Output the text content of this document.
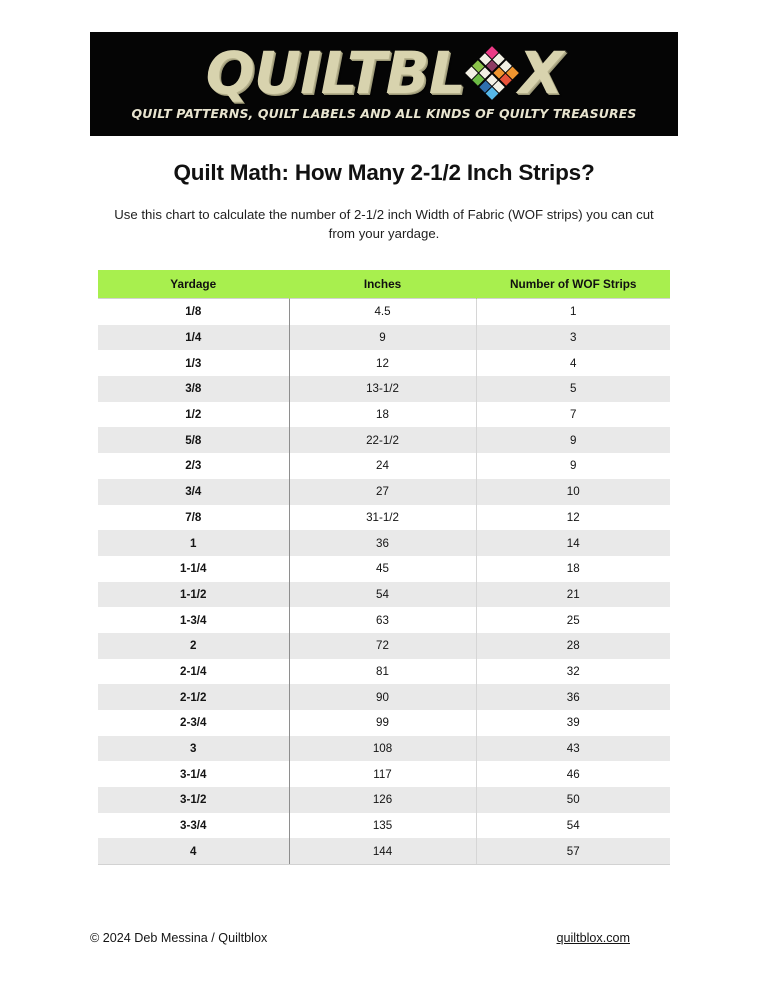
QUILTBL X
QUILT PATTERNS, QUILT LABELS AND ALL KINDS OF QUILTY TREASURES
Quilt Math: How Many 2-1/2 Inch Strips?
Use this chart to calculate the number of 2-1/2 inch Width of Fabric (WOF strips) you can cut from your yardage.
Yardage	Inches	Number of WOF Strips
1/8	4.5	1
1/4	9	3
1/3	12	4
3/8	13-1/2	5
1/2	18	7
5/8	22-1/2	9
2/3	24	9
3/4	27	10
7/8	31-1/2	12
1	36	14
1-1/4	45	18
1-1/2	54	21
1-3/4	63	25
2	72	28
2-1/4	81	32
2-1/2	90	36
2-3/4	99	39
3	108	43
3-1/4	117	46
3-1/2	126	50
3-3/4	135	54
4	144	57
© 2024 Deb Messina / Quiltblox	quiltblox.com
